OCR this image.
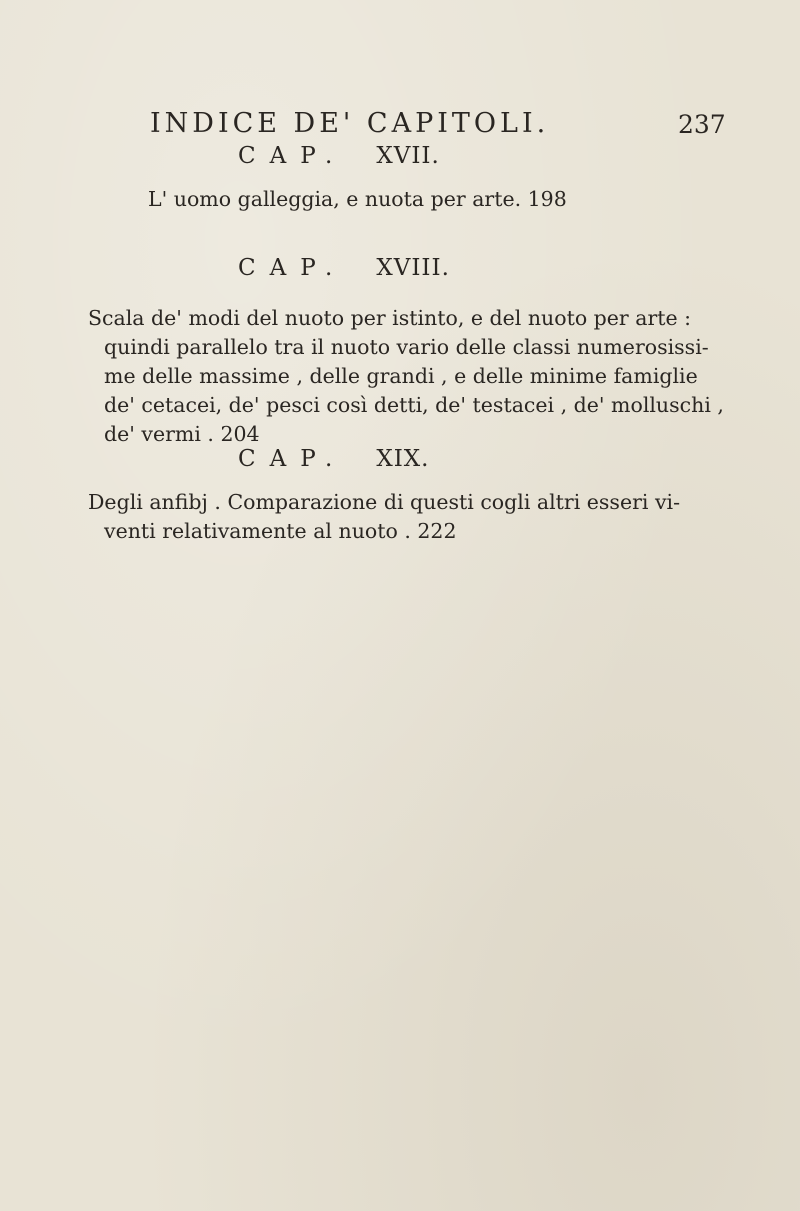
INDICE DE' CAPITOLI.	237
CAP. XVII.
L' uomo galleggia, e nuota per arte. 198
CAP. XVIII.
Scala de' modi del nuoto per istinto, e del nuoto per arte :
quindi parallelo tra il nuoto vario delle classi numerosissi-
me delle massime , delle grandi , e delle minime famiglie
de' cetacei, de' pesci così detti, de' testacei , de' molluschi ,
de' vermi . 204
CAP. XIX.
Degli anfibj . Comparazione di questi cogli altri esseri vi-
venti relativamente al nuoto . 222
